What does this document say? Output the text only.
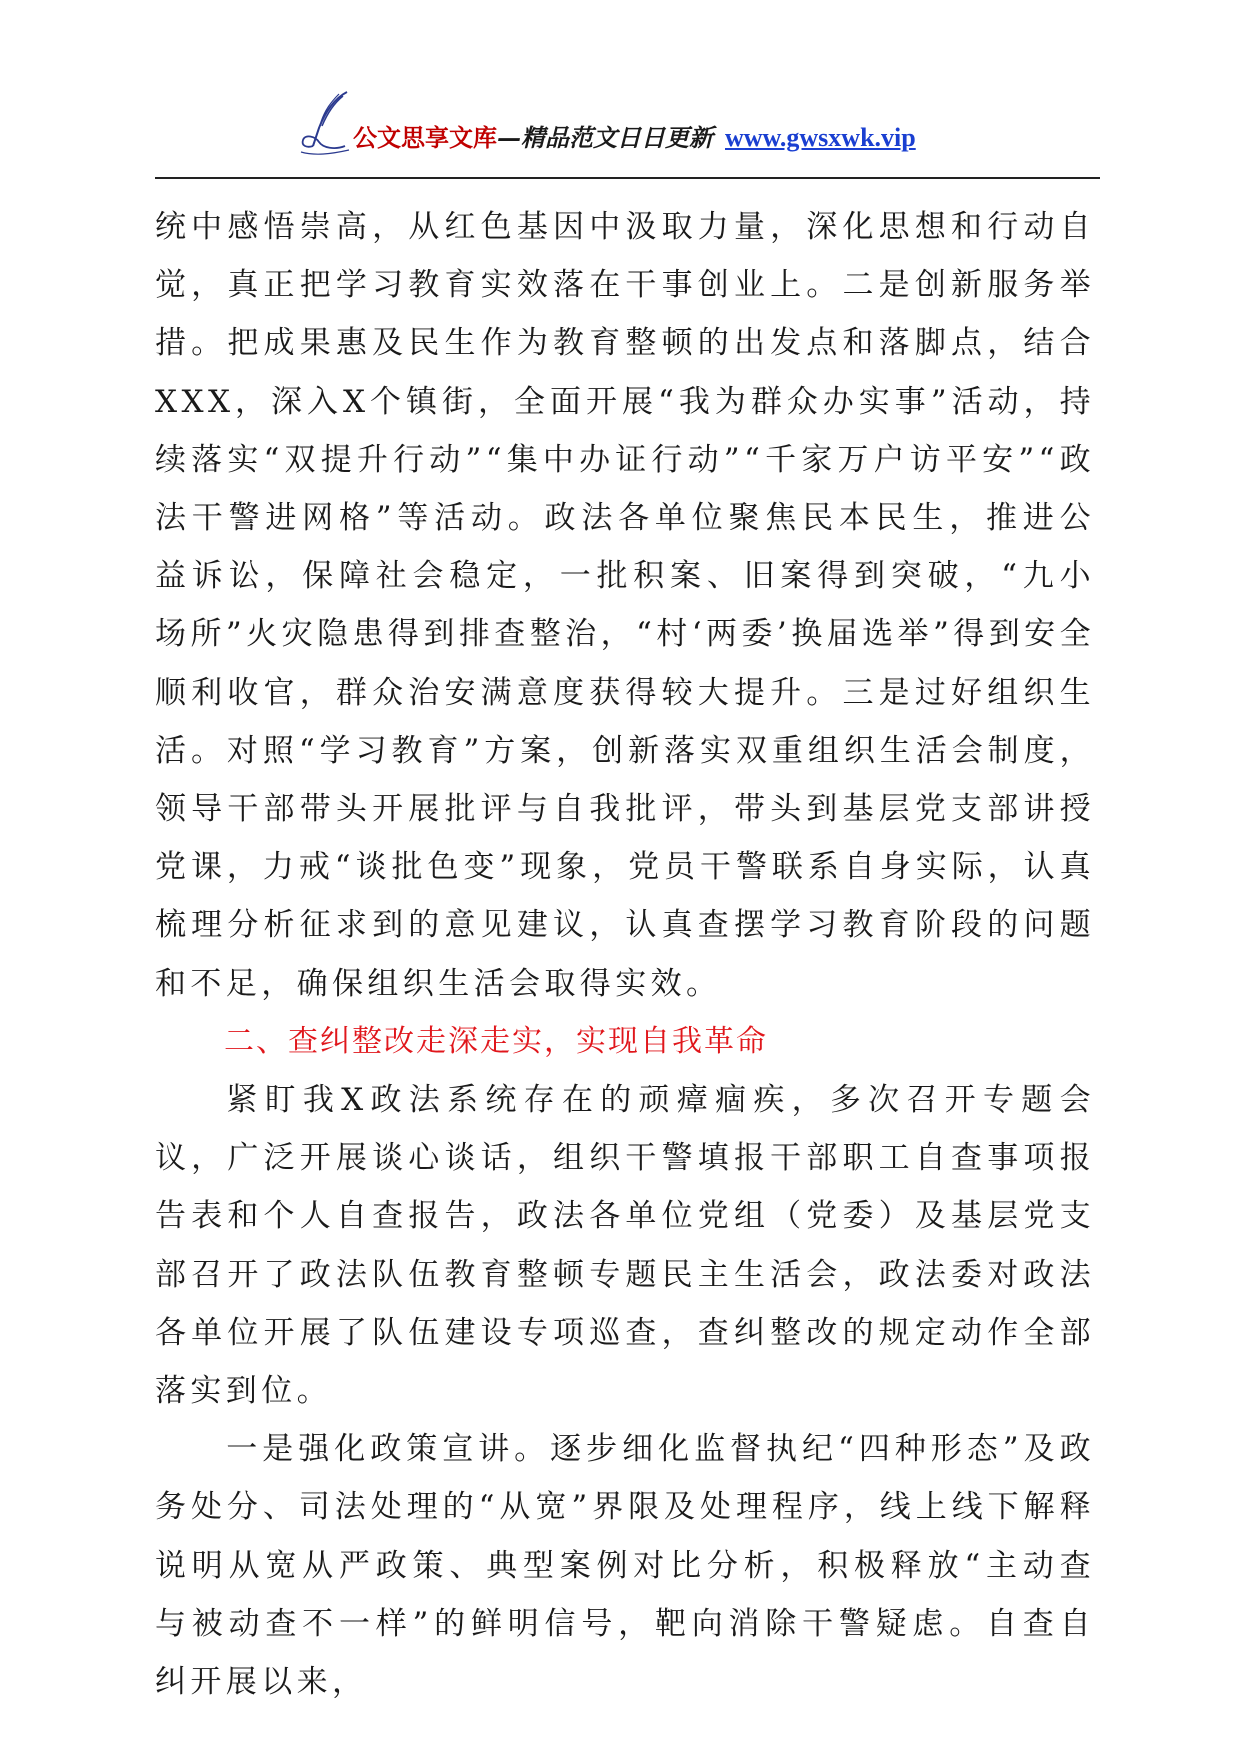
公文思享文库—精品范文日日更新 www.gwsxwk.vip

统中感悟崇高，从红色基因中汲取力量，深化思想和行动自觉，真正把学习教育实效落在干事创业上。二是创新服务举措。把成果惠及民生作为教育整顿的出发点和落脚点，结合XXX，深入X个镇街，全面开展“我为群众办实事”活动，持续落实“双提升行动”“集中办证行动”“千家万户访平安”“政法干警进网格”等活动。政法各单位聚焦民本民生，推进公益诉讼，保障社会稳定，一批积案、旧案得到突破，“九小场所”火灾隐患得到排查整治，“村‘两委’换届选举”得到安全顺利收官，群众治安满意度获得较大提升。三是过好组织生活。对照“学习教育”方案，创新落实双重组织生活会制度，领导干部带头开展批评与自我批评，带头到基层党支部讲授党课，力戒“谈批色变”现象，党员干警联系自身实际，认真梳理分析征求到的意见建议，认真查摆学习教育阶段的问题和不足，确保组织生活会取得实效。

二、查纠整改走深走实，实现自我革命

紧盯我X政法系统存在的顽瘴痼疾，多次召开专题会议，广泛开展谈心谈话，组织干警填报干部职工自查事项报告表和个人自查报告，政法各单位党组（党委）及基层党支部召开了政法队伍教育整顿专题民主生活会，政法委对政法各单位开展了队伍建设专项巡查，查纠整改的规定动作全部落实到位。

一是强化政策宣讲。逐步细化监督执纪“四种形态”及政务处分、司法处理的“从宽”界限及处理程序，线上线下解释说明从宽从严政策、典型案例对比分析，积极释放“主动查与被动查不一样”的鲜明信号，靶向消除干警疑虑。自查自纠开展以来，
